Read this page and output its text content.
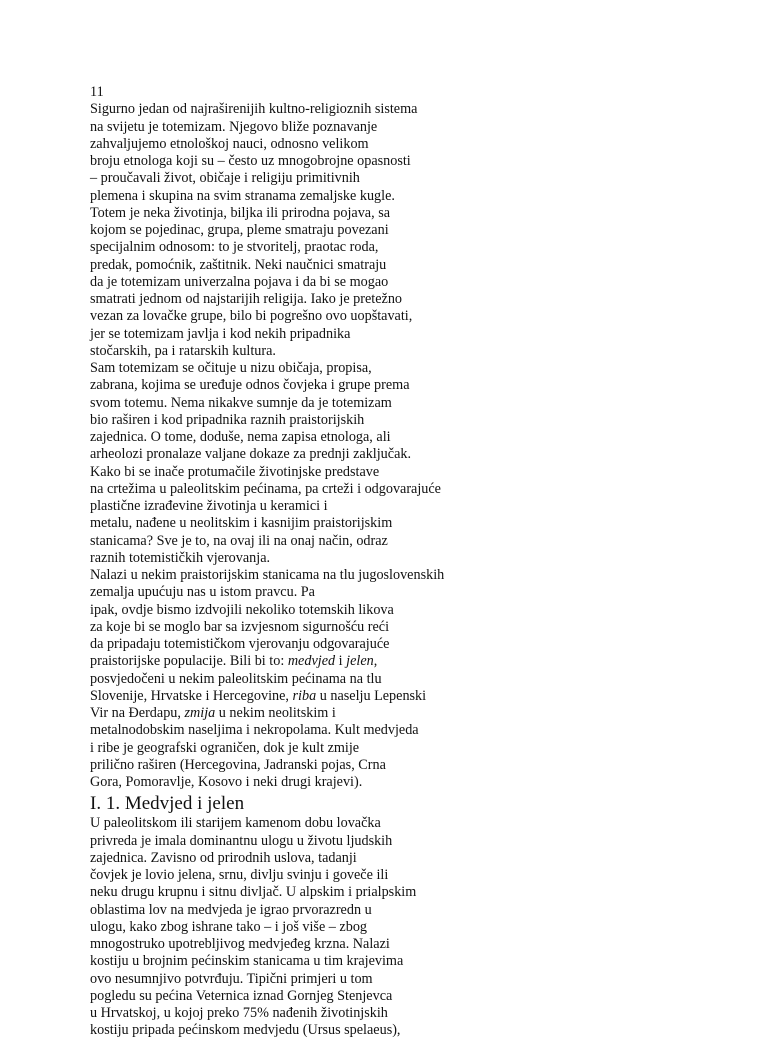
11
Sigurno jedan od najraširenijih kultno-religioznih sistema
na svijetu je totemizam. Njegovo bliže poznavanje
zahvaljujemo etnološkoj nauci, odnosno velikom
broju etnologa koji su – često uz mnogobrojne opasnosti
– proučavali život, običaje i religiju primitivnih
plemena i skupina na svim stranama zemaljske kugle.
Totem je neka životinja, biljka ili prirodna pojava, sa
kojom se pojedinac, grupa, pleme smatraju povezani
specijalnim odnosom: to je stvoritelj, praotac roda,
predak, pomoćnik, zaštitnik. Neki naučnici smatraju
da je totemizam univerzalna pojava i da bi se mogao
smatrati jednom od najstarijih religija. Iako je pretežno
vezan za lovačke grupe, bilo bi pogrešno ovo uopštavati,
jer se totemizam javlja i kod nekih pripadnika
stočarskih, pa i ratarskih kultura.
Sam totemizam se očituje u nizu običaja, propisa,
zabrana, kojima se uređuje odnos čovjeka i grupe prema
svom totemu. Nema nikakve sumnje da je totemizam
bio raširen i kod pripadnika raznih praistorijskih
zajednica. O tome, doduše, nema zapisa etnologa, ali
arheolozi pronalaze valjane dokaze za prednji zaključak.
Kako bi se inače protumačile životinjske predstave
na crtežima u paleolitskim pećinama, pa crteži i odgovarajuće
plastične izrađevine životinja u keramici i
metalu, nađene u neolitskim i kasnijim praistorijskim
stanicama? Sve je to, na ovaj ili na onaj način, odraz
raznih totemističkih vjerovanja.
Nalazi u nekim praistorijskim stanicama na tlu jugoslovenskih
zemalja upućuju nas u istom pravcu. Pa
ipak, ovdje bismo izdvojili nekoliko totemskih likova
za koje bi se moglo bar sa izvjesnom sigurnošću reći
da pripadaju totemističkom vjerovanju odgovarajuće
praistorijske populacije. Bili bi to: medvjed i jelen,
posvjedočeni u nekim paleolitskim pećinama na tlu
Slovenije, Hrvatske i Hercegovine, riba u naselju Lepenski
Vir na Đerdapu, zmija u nekim neolitskim i
metalnodobskim naseljima i nekropolama. Kult medvjeda
i ribe je geografski ograničen, dok je kult zmije
prilično raširen (Hercegovina, Jadranski pojas, Crna
Gora, Pomoravlje, Kosovo i neki drugi krajevi).
I. 1. Medvjed i jelen
U paleolitskom ili starijem kamenom dobu lovačka
privreda je imala dominantnu ulogu u životu ljudskih
zajednica. Zavisno od prirodnih uslova, tadanji
čovjek je lovio jelena, srnu, divlju svinju i goveče ili
neku drugu krupnu i sitnu divljač. U alpskim i prialpskim
oblastima lov na medvjeda je igrao prvorazredn u
ulogu, kako zbog ishrane tako – i još više – zbog
mnogostruko upotrebljivog medvjeđeg krzna. Nalazi
kostiju u brojnim pećinskim stanicama u tim krajevima
ovo nesumnjivo potvrđuju. Tipični primjeri u tom
pogledu su pećina Veternica iznad Gornjeg Stenjevca
u Hrvatskoj, u kojoj preko 75% nađenih životinjskih
kostiju pripada pećinskom medvjedu (Ursus spelaeus),
